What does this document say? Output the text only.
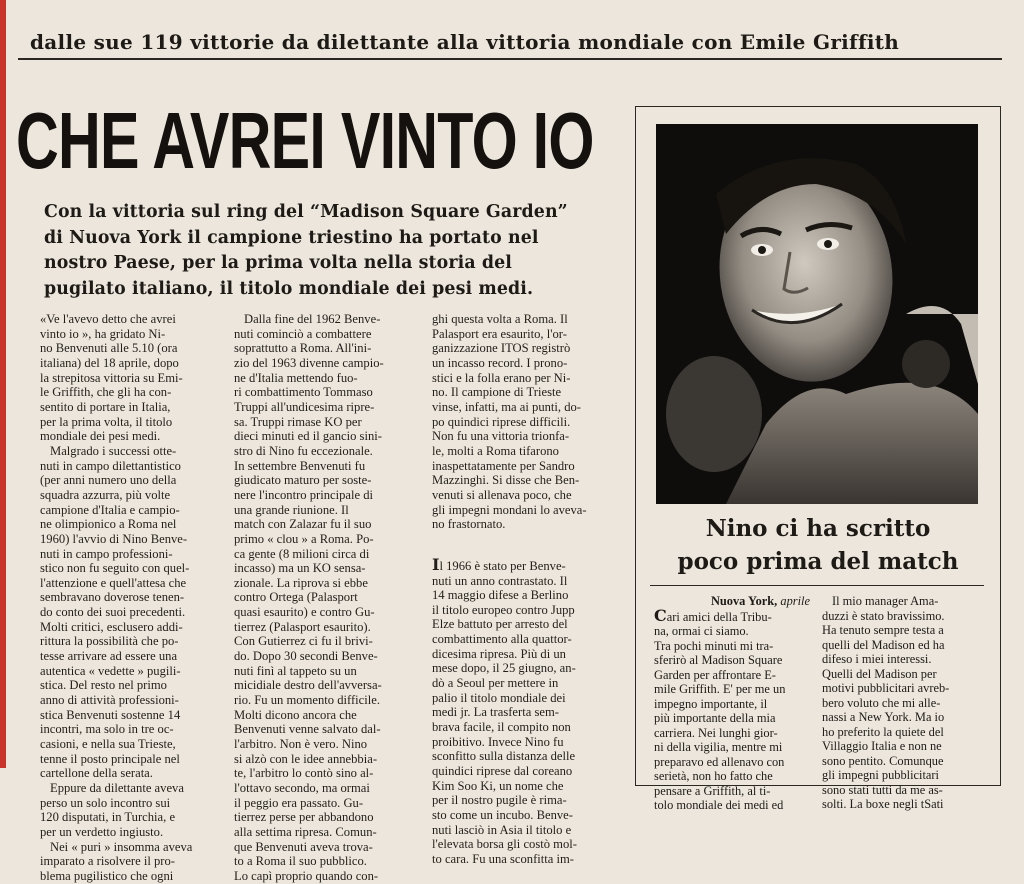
dalle sue 119 vittorie da dilettante alla vittoria mondiale con Emile Griffith
CHE AVREI VINTO IO
Con la vittoria sul ring del “Madison Square Garden”
di Nuova York il campione triestino ha portato nel
nostro Paese, per la prima volta nella storia del
pugilato italiano, il titolo mondiale dei pesi medi.
«Ve l'avevo detto che avrei
vinto io », ha gridato Ni-
no Benvenuti alle 5.10 (ora
italiana) del 18 aprile, dopo
la strepitosa vittoria su Emi-
le Griffith, che gli ha con-
sentito di portare in Italia,
per la prima volta, il titolo
mondiale dei pesi medi.
Malgrado i successi otte-
nuti in campo dilettantistico
(per anni numero uno della
squadra azzurra, più volte
campione d'Italia e campio-
ne olimpionico a Roma nel
1960) l'avvio di Nino Benve-
nuti in campo professioni-
stico non fu seguito con quel-
l'attenzione e quell'attesa che
sembravano doverose tenen-
do conto dei suoi precedenti.
Molti critici, esclusero addi-
rittura la possibilità che po-
tesse arrivare ad essere una
autentica « vedette » pugili-
stica. Del resto nel primo
anno di attività professioni-
stica Benvenuti sostenne 14
incontri, ma solo in tre oc-
casioni, e nella sua Trieste,
tenne il posto principale nel
cartellone della serata.
Eppure da dilettante aveva
perso un solo incontro sui
120 disputati, in Turchia, e
per un verdetto ingiusto.
Nei « puri » insomma aveva
imparato a risolvere il pro-
blema pugilistico che ogni
Dalla fine del 1962 Benve-
nuti cominciò a combattere
soprattutto a Roma. All'ini-
zio del 1963 divenne campio-
ne d'Italia mettendo fuo-
ri combattimento Tommaso
Truppi all'undicesima ripre-
sa. Truppi rimase KO per
dieci minuti ed il gancio sini-
stro di Nino fu eccezionale.
In settembre Benvenuti fu
giudicato maturo per soste-
nere l'incontro principale di
una grande riunione. Il
match con Zalazar fu il suo
primo « clou » a Roma. Po-
ca gente (8 milioni circa di
incasso) ma un KO sensa-
zionale. La riprova si ebbe
contro Ortega (Palasport
quasi esaurito) e contro Gu-
tierrez (Palasport esaurito).
Con Gutierrez ci fu il brivi-
do. Dopo 30 secondi Benve-
nuti finì al tappeto su un
micidiale destro dell'avversa-
rio. Fu un momento difficile.
Molti dicono ancora che
Benvenuti venne salvato dal-
l'arbitro. Non è vero. Nino
si alzò con le idee annebbia-
te, l'arbitro lo contò sino al-
l'ottavo secondo, ma ormai
il peggio era passato. Gu-
tierrez perse per abbandono
alla settima ripresa. Comun-
que Benvenuti aveva trova-
to a Roma il suo pubblico.
Lo capì proprio quando con-
ghi questa volta a Roma. Il
Palasport era esaurito, l'or-
ganizzazione ITOS registrò
un incasso record. I prono-
stici e la folla erano per Ni-
no. Il campione di Trieste
vinse, infatti, ma ai punti, do-
po quindici riprese difficili.
Non fu una vittoria trionfa-
le, molti a Roma tifarono
inaspettatamente per Sandro
Mazzinghi. Si disse che Ben-
venuti si allenava poco, che
gli impegni mondani lo aveva-
no frastornato.
Il 1966 è stato per Benve-
nuti un anno contrastato. Il
14 maggio difese a Berlino
il titolo europeo contro Jupp
Elze battuto per arresto del
combattimento alla quattor-
dicesima ripresa. Più di un
mese dopo, il 25 giugno, an-
dò a Seoul per mettere in
palio il titolo mondiale dei
medi jr. La trasferta sem-
brava facile, il compito non
proibitivo. Invece Nino fu
sconfitto sulla distanza delle
quindici riprese dal coreano
Kim Soo Ki, un nome che
per il nostro pugile è rima-
sto come un incubo. Benve-
nuti lasciò in Asia il titolo e
l'elevata borsa gli costò mol-
to cara. Fu una sconfitta im-
Nino ci ha scritto
poco prima del match
Nuova York, aprile
Cari amici della Tribu-
na, ormai ci siamo.
Tra pochi minuti mi tra-
sferirò al Madison Square
Garden per affrontare E-
mile Griffith. E' per me un
impegno importante, il
più importante della mia
carriera. Nei lunghi gior-
ni della vigilia, mentre mi
preparavo ed allenavo con
serietà, non ho fatto che
pensare a Griffith, al ti-
tolo mondiale dei medi ed
Il mio manager Ama-
duzzi è stato bravissimo.
Ha tenuto sempre testa a
quelli del Madison ed ha
difeso i miei interessi.
Quelli del Madison per
motivi pubblicitari avreb-
bero voluto che mi alle-
nassi a New York. Ma io
ho preferito la quiete del
Villaggio Italia e non ne
sono pentito. Comunque
gli impegni pubblicitari
sono stati tutti da me as-
solti. La boxe negli tSati
